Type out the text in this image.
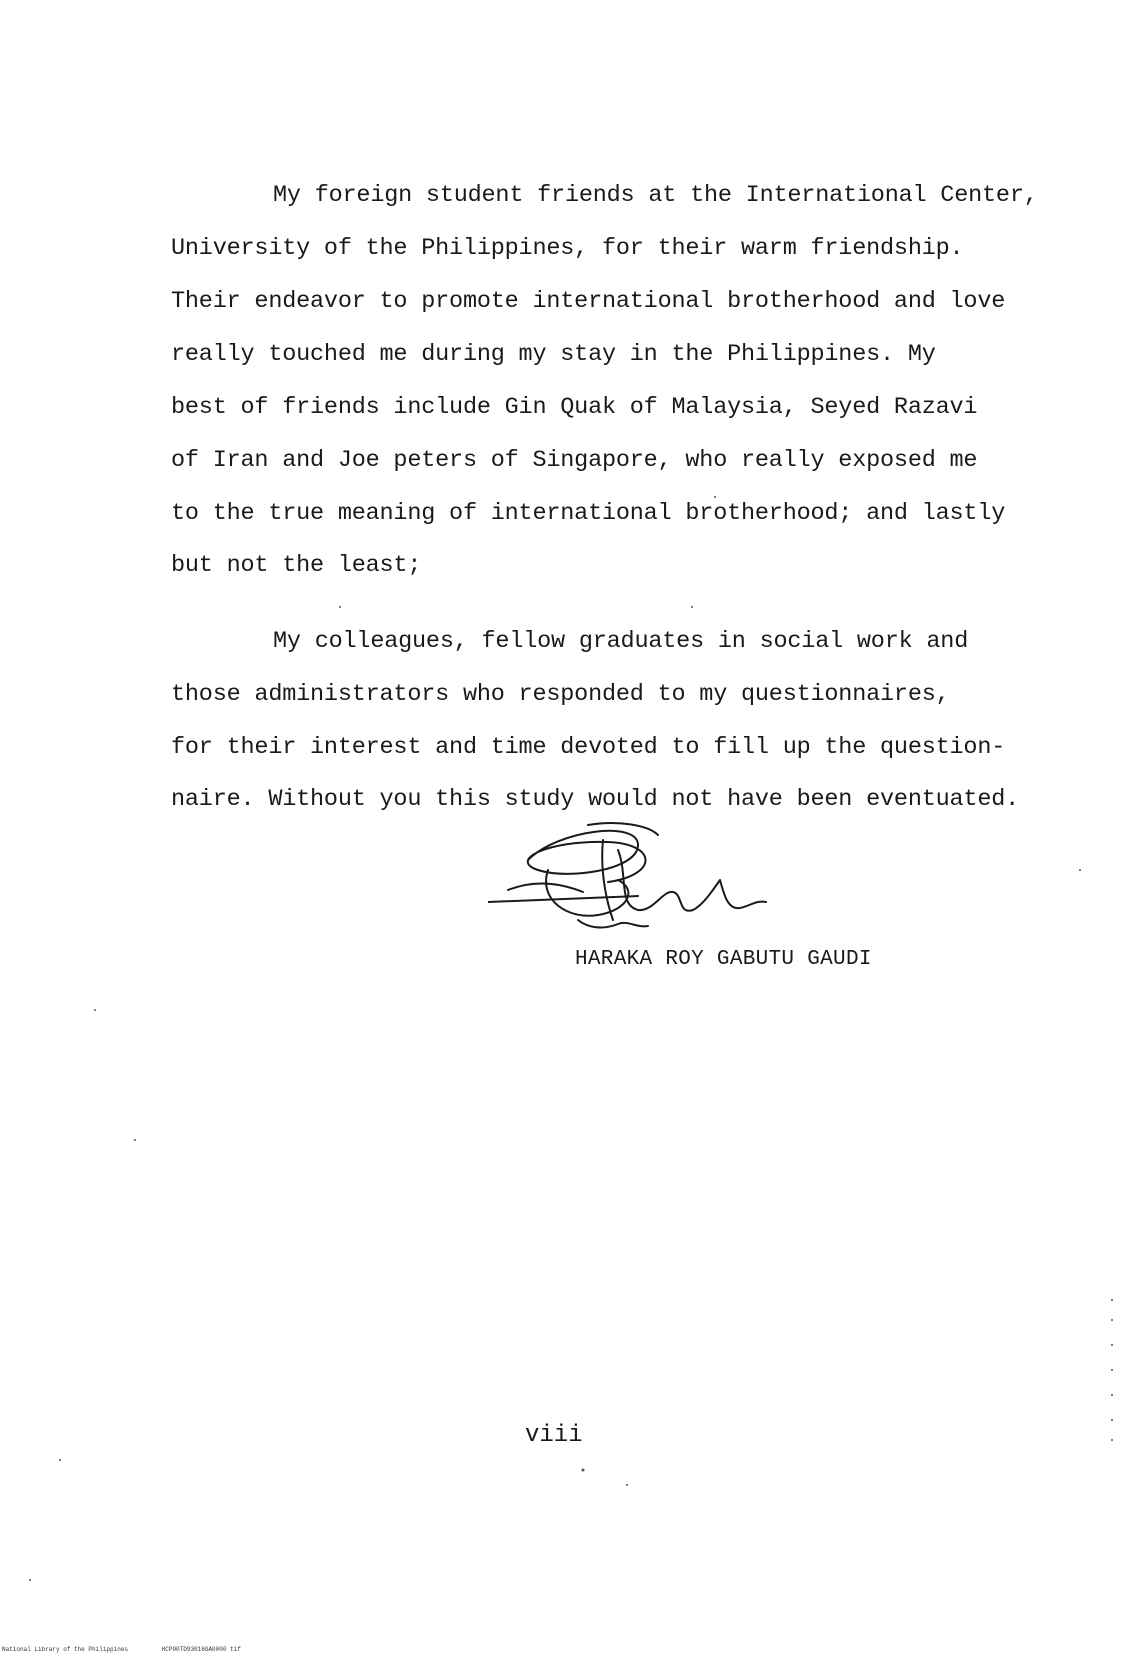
My foreign student friends at the International Center,
University of the Philippines, for their warm friendship.
Their endeavor to promote international brotherhood and love
really touched me during my stay in the Philippines. My
best of friends include Gin Quak of Malaysia, Seyed Razavi
of Iran and Joe peters of Singapore, who really exposed me
to the true meaning of international brotherhood; and lastly
but not the least;
My colleagues, fellow graduates in social work and
those administrators who responded to my questionnaires,
for their interest and time devoted to fill up the question-
naire. Without you this study would not have been eventuated.
HARAKA ROY GABUTU GAUDI
viii
National Library of the Philippines	HCP00TD93016GA0000 tif
